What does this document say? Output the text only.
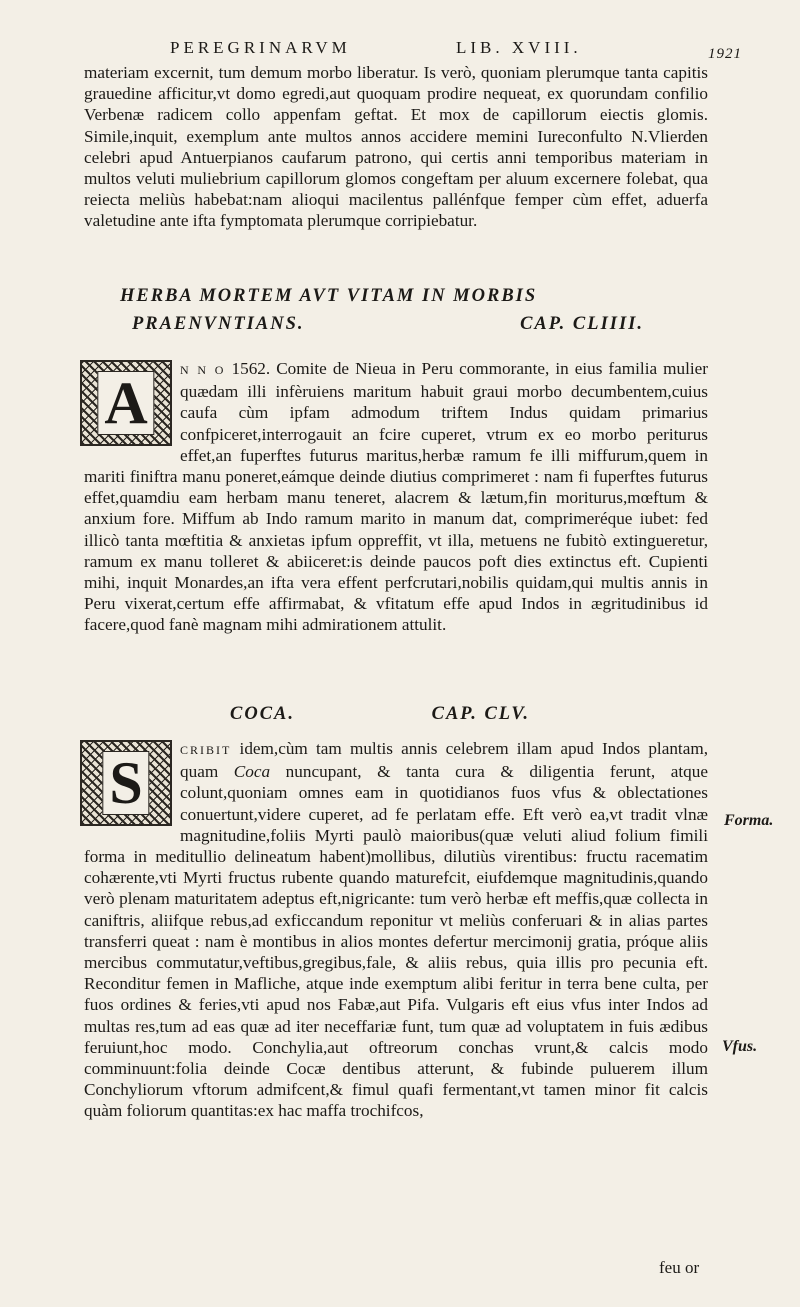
PEREGRINARVM	LIB. XVIII.	1921
materiam excernit, tum demum morbo liberatur. Is verò, quoniam plerumque tanta capitis grauedine afficitur,vt domo egredi,aut quoquam prodire nequeat, ex quorundam confilio Verbenæ radicem collo appenfam geftat. Et mox de capillorum eiectis glomis. Simile,inquit, exemplum ante multos annos accidere memini Iureconfulto N.Vlierden celebri apud Antuerpianos caufarum patrono, qui certis anni temporibus materiam in multos veluti muliebrium capillorum glomos congeftam per aluum excernere folebat, qua reiecta meliùs habebat:nam alioqui macilentus pallénfque femper cùm effet, aduerfa valetudine ante ifta fymptomata plerumque corripiebatur.
HERBA MORTEM AVT VITAM IN MORBIS
PRAENVNTIANS.	CAP. CLIIII.
A	N N O 1562. Comite de Nieua in Peru commorante, in eius familia mulier quædam illi infèruiens maritum habuit graui morbo decumbentem,cuius caufa cùm ipfam admodum triftem Indus quidam primarius confpiceret,interrogauit an fcire cuperet, vtrum ex eo morbo periturus effet,an fuperftes futurus maritus,herbæ ramum fe illi miffurum,quem in mariti finiftra manu poneret,eámque deinde diutius comprimeret : nam fi fuperftes futurus effet,quamdiu eam herbam manu teneret, alacrem & lætum,fin moriturus,mœftum & anxium fore. Miffum ab Indo ramum marito in manum dat, comprimeréque iubet: fed illicò tanta mœftitia & anxietas ipfum oppreffit, vt illa, metuens ne fubitò extingueretur, ramum ex manu tolleret & abiiceret:is deinde paucos poft dies extinctus eft. Cupienti mihi, inquit Monardes,an ifta vera effent perfcrutari,nobilis quidam,qui multis annis in Peru vixerat,certum effe affirmabat, & vfitatum effe apud Indos in ægritudinibus id facere,quod fanè magnam mihi admirationem attulit.
COCA.	CAP. CLV.
S	CRIBIT idem,cùm tam multis annis celebrem illam apud Indos plantam, quam Coca nuncupant, & tanta cura & diligentia ferunt, atque colunt,quoniam omnes eam in quotidianos fuos vfus & oblectationes conuertunt,videre cuperet, ad fe perlatam effe. Eft verò ea,vt tradit vlnæ magnitudine,foliis Myrti paulò maioribus(quæ veluti aliud folium fimili forma in meditullio delineatum habent)mollibus, dilutiùs virentibus: fructu racematim cohærente,vti Myrti fructus rubente quando maturefcit, eiufdemque magnitudinis,quando verò plenam maturitatem adeptus eft,nigricante: tum verò herbæ eft meffis,quæ collecta in caniftris, aliifque rebus,ad exficcandum reponitur vt meliùs conferuari & in alias partes transferri queat : nam è montibus in alios montes defertur mercimonij gratia, próque aliis mercibus commutatur,veftibus,gregibus,fale, & aliis rebus, quia illis pro pecunia eft. Reconditur femen in Mafliche, atque inde exemptum alibi feritur in terra bene culta, per fuos ordines & feries,vti apud nos Fabæ,aut Pifa. Vulgaris eft eius vfus inter Indos ad multas res,tum ad eas quæ ad iter neceffariæ funt, tum quæ ad voluptatem in fuis ædibus feruiunt,hoc modo. Conchylia,aut oftreorum conchas vrunt,& calcis modo comminuunt:folia deinde Cocæ dentibus atterunt, & fubinde puluerem illum Conchyliorum vftorum admifcent,& fimul quafi fermentant,vt tamen minor fit calcis quàm foliorum quantitas:ex hac maffa trochifcos,
Forma.
Vfus.
feu or
